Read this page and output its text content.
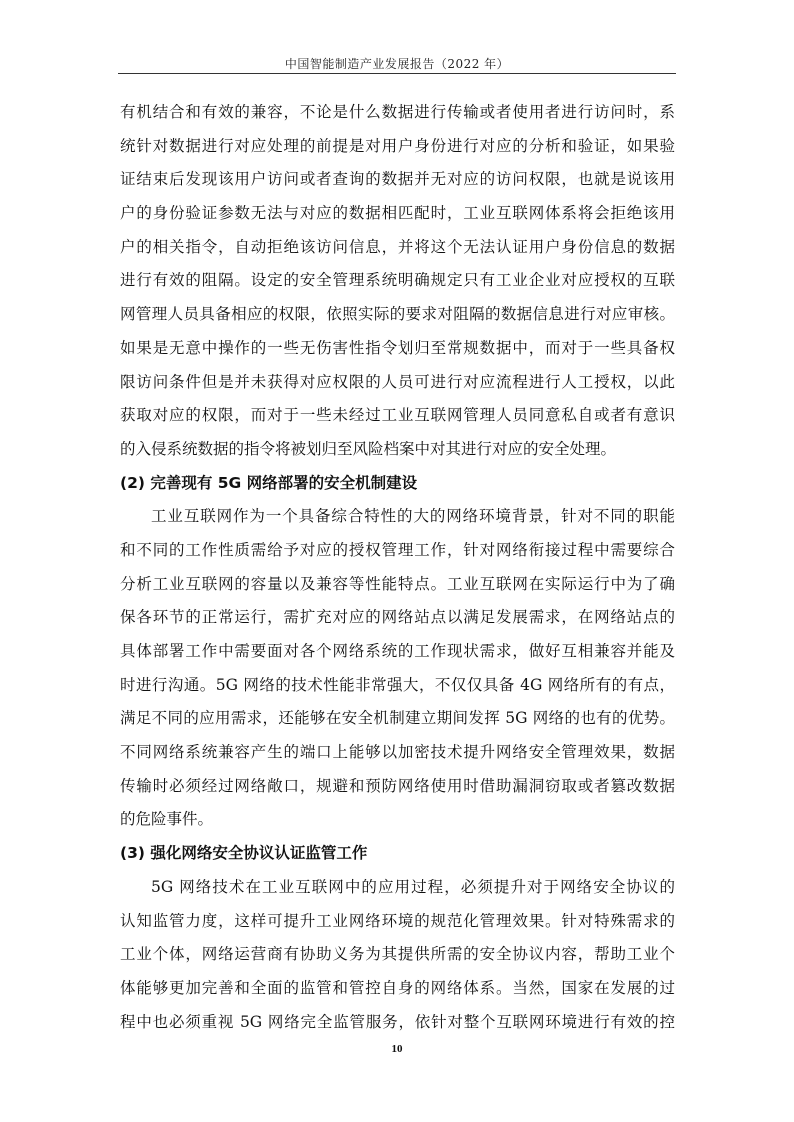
中国智能制造产业发展报告（2022 年）
有机结合和有效的兼容，不论是什么数据进行传输或者使用者进行访问时，系
统针对数据进行对应处理的前提是对用户身份进行对应的分析和验证，如果验
证结束后发现该用户访问或者查询的数据并无对应的访问权限，也就是说该用
户的身份验证参数无法与对应的数据相匹配时，工业互联网体系将会拒绝该用
户的相关指令，自动拒绝该访问信息，并将这个无法认证用户身份信息的数据
进行有效的阻隔。设定的安全管理系统明确规定只有工业企业对应授权的互联
网管理人员具备相应的权限，依照实际的要求对阻隔的数据信息进行对应审核。
如果是无意中操作的一些无伤害性指令划归至常规数据中，而对于一些具备权
限访问条件但是并未获得对应权限的人员可进行对应流程进行人工授权，以此
获取对应的权限，而对于一些未经过工业互联网管理人员同意私自或者有意识
的入侵系统数据的指令将被划归至风险档案中对其进行对应的安全处理。
(2) 完善现有 5G 网络部署的安全机制建设
工业互联网作为一个具备综合特性的大的网络环境背景，针对不同的职能
和不同的工作性质需给予对应的授权管理工作，针对网络衔接过程中需要综合
分析工业互联网的容量以及兼容等性能特点。工业互联网在实际运行中为了确
保各环节的正常运行，需扩充对应的网络站点以满足发展需求，在网络站点的
具体部署工作中需要面对各个网络系统的工作现状需求，做好互相兼容并能及
时进行沟通。5G 网络的技术性能非常强大，不仅仅具备 4G 网络所有的有点，
满足不同的应用需求，还能够在安全机制建立期间发挥 5G 网络的也有的优势。
不同网络系统兼容产生的端口上能够以加密技术提升网络安全管理效果，数据
传输时必须经过网络敞口，规避和预防网络使用时借助漏洞窃取或者篡改数据
的危险事件。
(3) 强化网络安全协议认证监管工作
5G 网络技术在工业互联网中的应用过程，必须提升对于网络安全协议的
认知监管力度，这样可提升工业网络环境的规范化管理效果。针对特殊需求的
工业个体，网络运营商有协助义务为其提供所需的安全协议内容，帮助工业个
体能够更加完善和全面的监管和管控自身的网络体系。当然，国家在发展的过
程中也必须重视 5G 网络完全监管服务，依针对整个互联网环境进行有效的控
10
